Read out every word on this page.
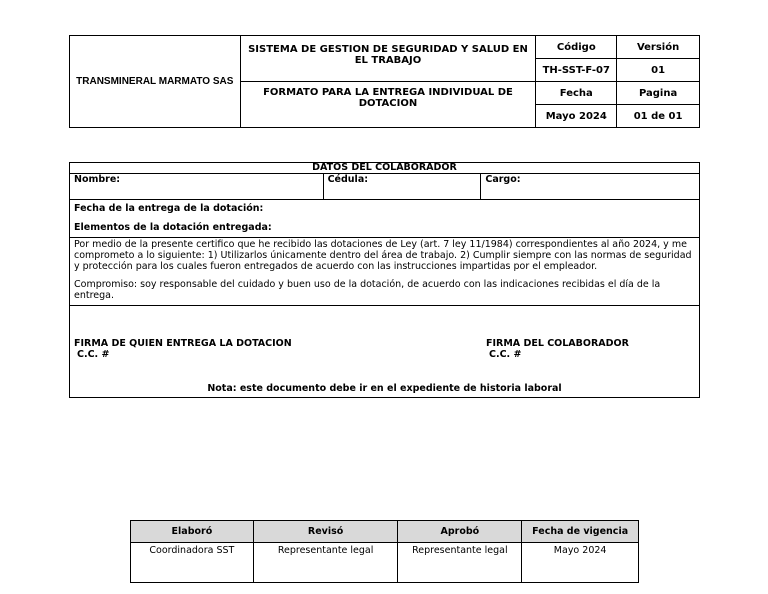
TRANSMINERAL MARMATO SAS	SISTEMA DE GESTION DE SEGURIDAD Y SALUD EN EL TRABAJO	Código	Versión
		TH-SST-F-07	01
	FORMATO PARA LA ENTREGA INDIVIDUAL DE DOTACION	Fecha	Pagina
		Mayo 2024	01 de 01
DATOS DEL COLABORADOR
Nombre:	Cédula:	Cargo:

Fecha de la entrega de la dotación:
Elementos de la dotación entregada:

Por medio de la presente certifico que he recibido las dotaciones de Ley (art. 7 ley 11/1984) correspondientes al año 2024, y me comprometo a lo siguiente: 1) Utilizarlos únicamente dentro del área de trabajo. 2) Cumplir siempre con las normas de seguridad y protección para los cuales fueron entregados de acuerdo con las instrucciones impartidas por el empleador.

Compromiso: soy responsable del cuidado y buen uso de la dotación, de acuerdo con las indicaciones recibidas el día de la entrega.

FIRMA DE QUIEN ENTREGA LA DOTACION
C.C. #
FIRMA DEL COLABORADOR
C.C. #
Nota: este documento debe ir en el expediente de historia laboral
Elaboró	Revisó	Aprobó	Fecha de vigencia
Coordinadora SST	Representante legal	Representante legal	Mayo 2024
